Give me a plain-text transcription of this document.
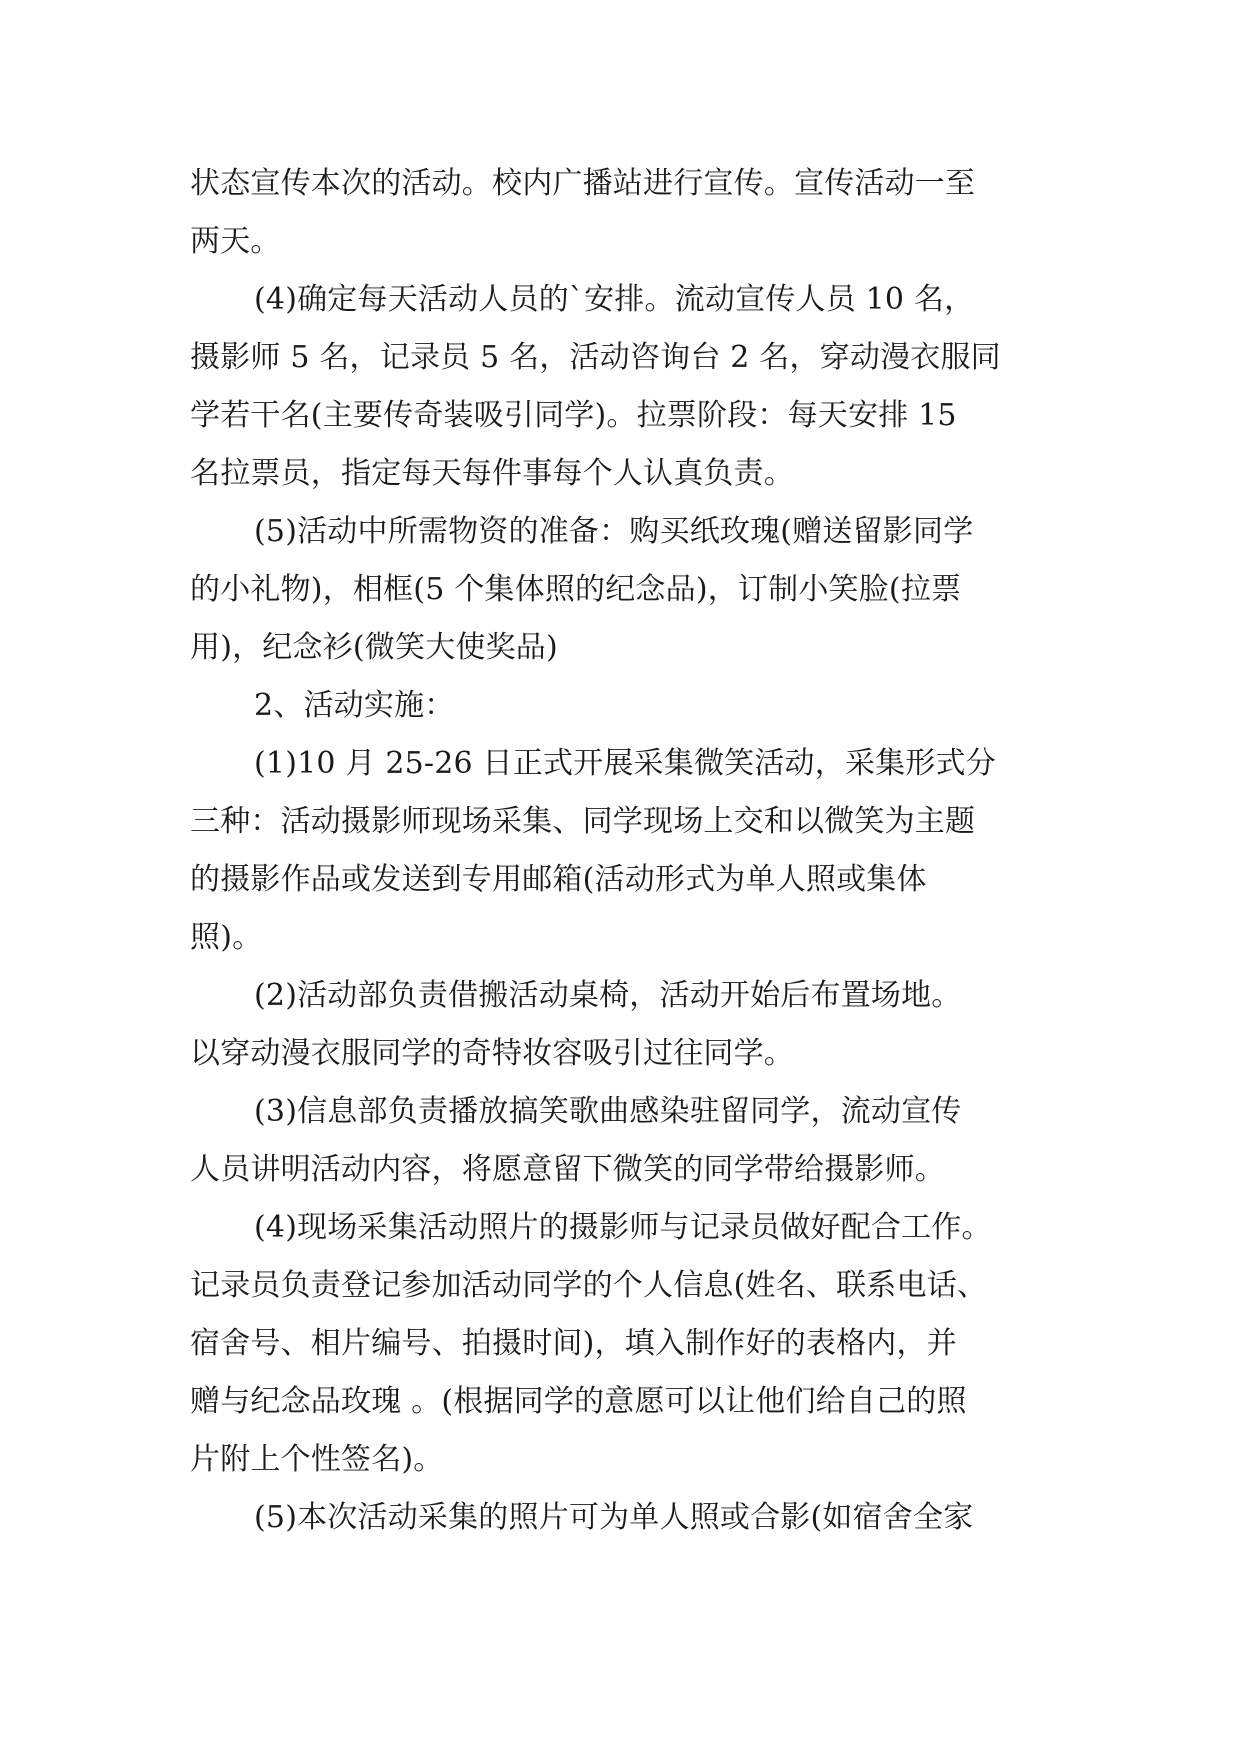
状态宣传本次的活动。校内广播站进行宣传。宣传活动一至
两天。
(4)确定每天活动人员的`安排。流动宣传人员 10 名，
摄影师 5 名，记录员 5 名，活动咨询台 2 名，穿动漫衣服同
学若干名(主要传奇装吸引同学)。拉票阶段：每天安排 15
名拉票员，指定每天每件事每个人认真负责。
(5)活动中所需物资的准备：购买纸玫瑰(赠送留影同学
的小礼物)，相框(5 个集体照的纪念品)，订制小笑脸(拉票
用)，纪念衫(微笑大使奖品)
2、活动实施：
(1)10 月 25-26 日正式开展采集微笑活动，采集形式分
三种：活动摄影师现场采集、同学现场上交和以微笑为主题
的摄影作品或发送到专用邮箱(活动形式为单人照或集体
照)。
(2)活动部负责借搬活动桌椅，活动开始后布置场地。
以穿动漫衣服同学的奇特妆容吸引过往同学。
(3)信息部负责播放搞笑歌曲感染驻留同学，流动宣传
人员讲明活动内容，将愿意留下微笑的同学带给摄影师。
(4)现场采集活动照片的摄影师与记录员做好配合工作。
记录员负责登记参加活动同学的个人信息(姓名、联系电话、
宿舍号、相片编号、拍摄时间)，填入制作好的表格内，并
赠与纪念品玫瑰 。(根据同学的意愿可以让他们给自己的照
片附上个性签名)。
(5)本次活动采集的照片可为单人照或合影(如宿舍全家
